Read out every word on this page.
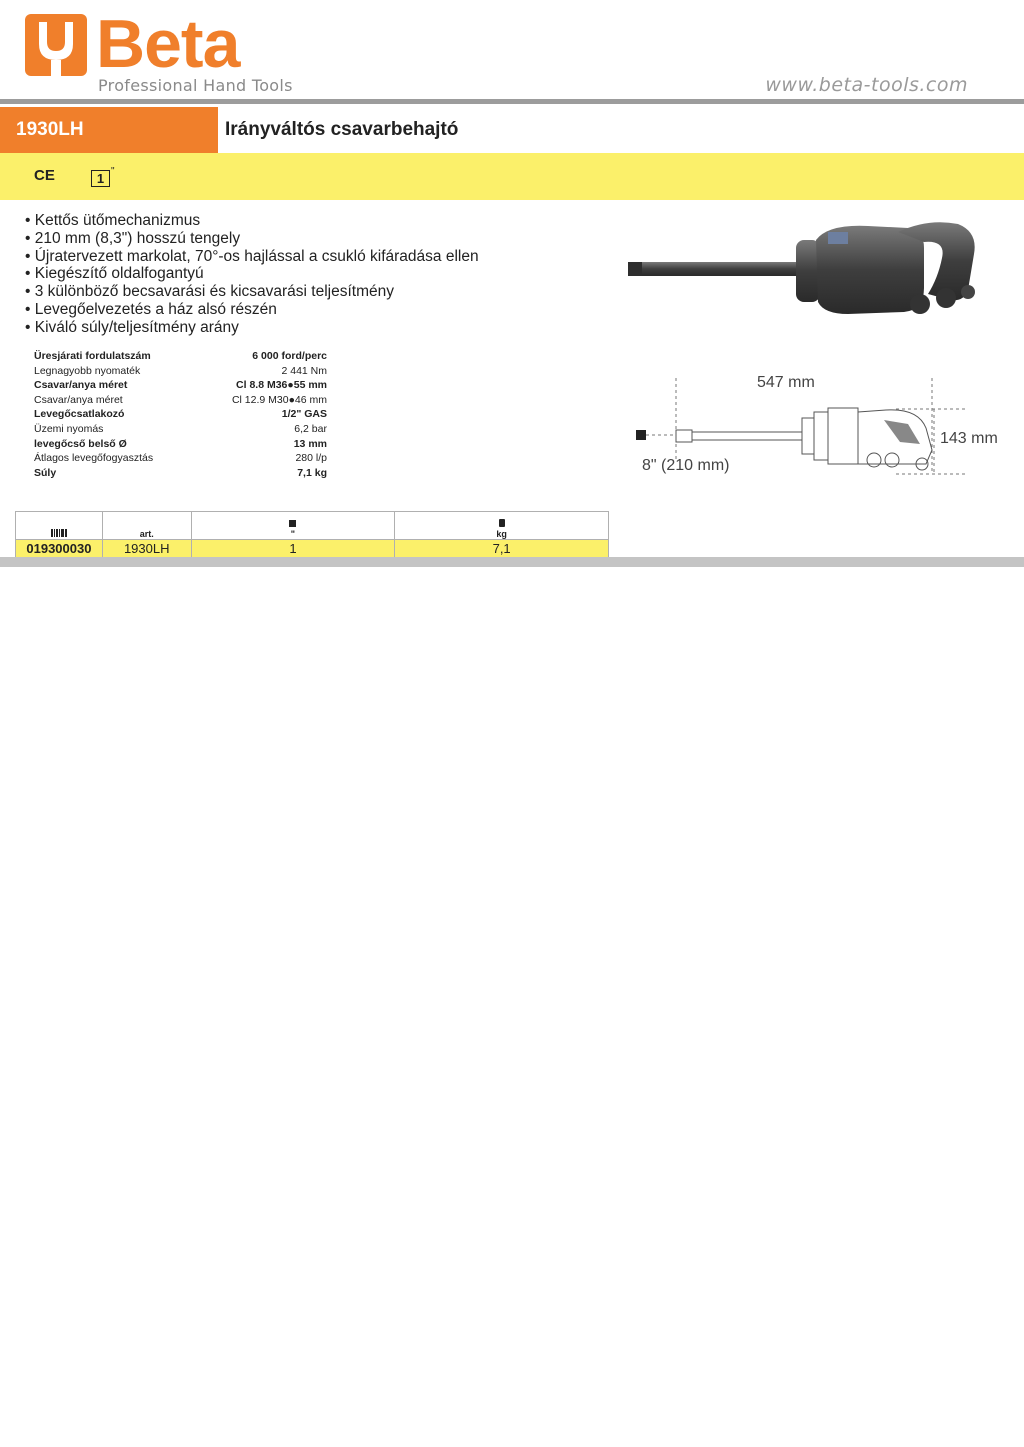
Beta
Professional Hand Tools	www.beta-tools.com
1930LH	Irányváltós csavarbehajtó
CE	1 "
• Kettős ütőmechanizmus
• 210 mm (8,3") hosszú tengely
• Újratervezett markolat, 70°-os hajlással a csukló kifáradása ellen
• Kiegészítő oldalfogantyú
• 3 különböző becsavarási és kicsavarási teljesítmény
• Levegőelvezetés a ház alsó részén
• Kiváló súly/teljesítmény arány
Üresjárati fordulatszám	6 000 ford/perc
Legnagyobb nyomaték	2 441 Nm
Csavar/anya méret	Cl 8.8 M36●55 mm
Csavar/anya méret	Cl 12.9 M30●46 mm
Levegőcsatlakozó	1/2" GAS
Üzemi nyomás	6,2 bar
levegőcső belső Ø	13 mm
Átlagos levegőfogyasztás	280 l/p
Súly	7,1 kg
547 mm
143 mm
8" (210 mm)
	art.	"	kg
019300030	1930LH	1	7,1
